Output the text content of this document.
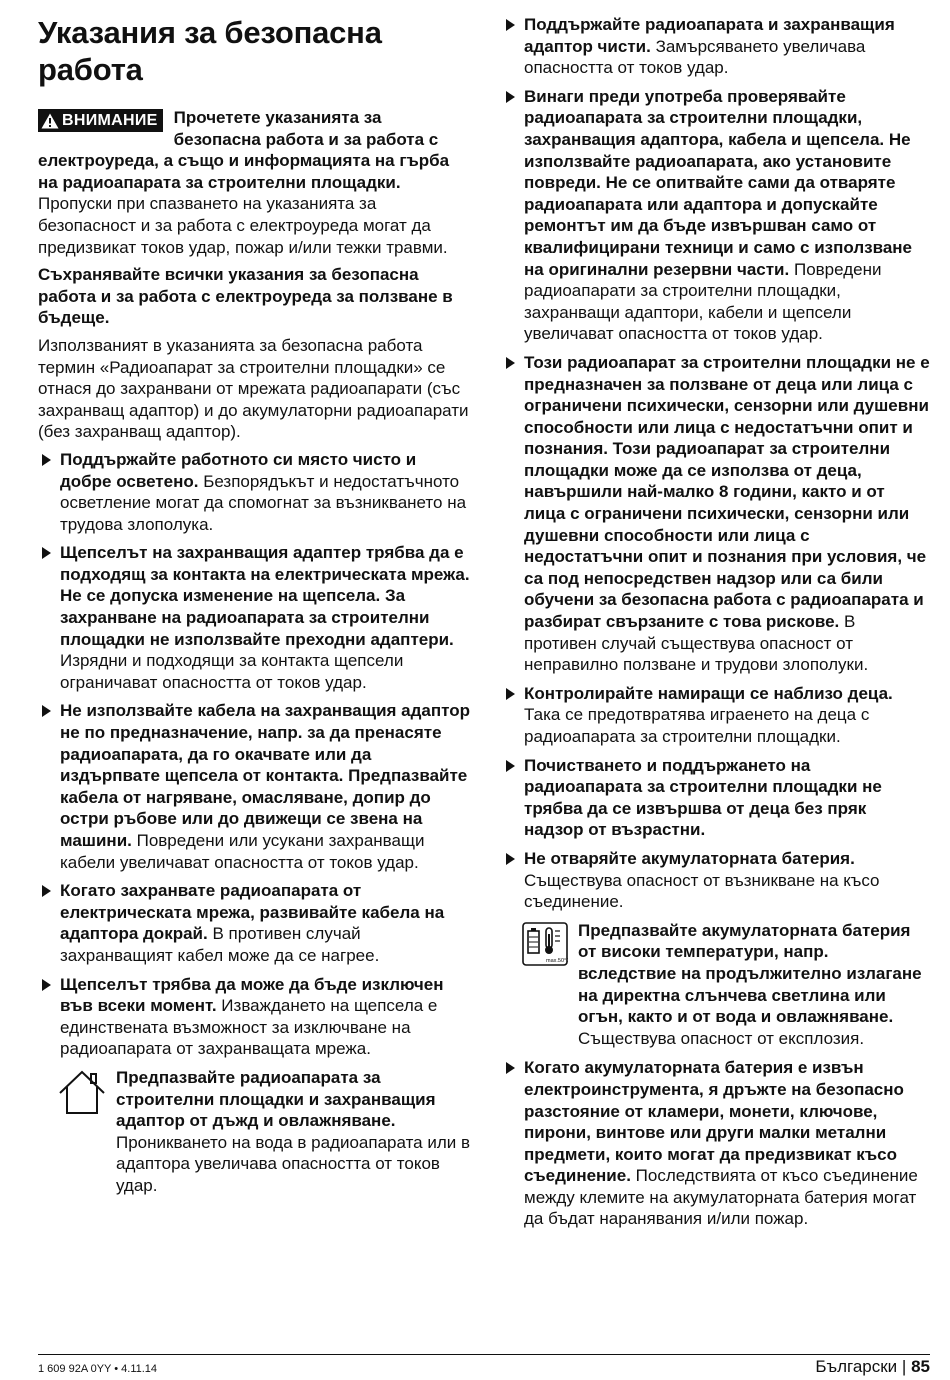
Указания за безопасна работа

ВНИМАНИЕ Прочетете указанията за безопасна работа и за работа с електроуреда, а също и информацията на гърба на радиоапарата за строителни площадки. Пропуски при спазването на указанията за безопасност и за работа с електроуреда могат да предизвикат токов удар, пожар и/или тежки травми.

Съхранявайте всички указания за безопасна работа и за работа с електроуреда за ползване в бъдеще.

Използваният в указанията за безопасна работа термин «Радиоапарат за строителни площадки» се отнася до захранвани от мрежата радиоапарати (със захранващ адаптор) и до акумулаторни радиоапарати (без захранващ адаптор).

Поддържайте работното си място чисто и добре осветено. Безпорядъкът и недостатъчното осветление могат да спомогнат за възникването на трудова злополука.
Щепселът на захранващия адаптер трябва да е подходящ за контакта на електрическата мрежа. Не се допуска изменение на щепсела. За захранване на радиоапарата за строителни площадки не използвайте преходни адаптери. Изрядни и подходящи за контакта щепсели ограничават опасността от токов удар.
Не използвайте кабела на захранващия адаптор не по предназначение, напр. за да пренасяте радиоапарата, да го окачвате или да издърпвате щепсела от контакта. Предпазвайте кабела от нагряване, омасляване, допир до остри ръбове или до движещи се звена на машини. Повредени или усукани захранващи кабели увеличават опасността от токов удар.
Когато захранвате радиоапарата от електрическата мрежа, развивайте кабела на адаптора докрай. В противен случай захранващият кабел може да се нагрее.
Щепселът трябва да може да бъде изключен във всеки момент. Изваждането на щепсела е единствената възможност за изключване на радиоапарата от захранващата мрежа.
Предпазвайте радиоапарата за строителни площадки и захранващия адаптор от дъжд и овлажняване. Проникването на вода в радиоапарата или в адаптора увеличава опасността от токов удар.
Поддържайте радиоапарата и захранващия адаптор чисти. Замърсяването увеличава опасността от токов удар.
Винаги преди употреба проверявайте радиоапарата за строителни площадки, захранващия адаптора, кабела и щепсела. Не използвайте радиоапарата, ако установите повреди. Не се опитвайте сами да отваряте радиоапарата или адаптора и допускайте ремонтът им да бъде извършван само от квалифицирани техници и само с използване на оригинални резервни части. Повредени радиоапарати за строителни площадки, захранващи адаптори, кабели и щепсели увеличават опасността от токов удар.
Този радиоапарат за строителни площадки не е предназначен за ползване от деца или лица с ограничени психически, сензорни или душевни способности или лица с недостатъчни опит и познания. Този радиоапарат за строителни площадки може да се използва от деца, навършили най-малко 8 години, както и от лица с ограничени психически, сензорни или душевни способности или лица с недостатъчни опит и познания при условия, че са под непосредствен надзор или са били обучени за безопасна работа с радиоапарата и разбират свързаните с това рискове. В противен случай съществува опасност от неправилно ползване и трудови злополуки.
Контролирайте намиращи се наблизо деца. Така се предотвратява играенето на деца с радиоапарата за строителни площадки.
Почистването и поддържането на радиоапарата за строителни площадки не трябва да се извършва от деца без пряк надзор от възрастни.
Не отваряйте акумулаторната батерия. Съществува опасност от възникване на късо съединение.
max.50°C
Предпазвайте акумулаторната батерия от високи температури, напр. вследствие на продължително излагане на директна слънчева светлина или огън, както и от вода и овлажняване. Съществува опасност от експлозия.
Когато акумулаторната батерия е извън електроинструмента, я дръжте на безопасно разстояние от кламери, монети, ключове, пирони, винтове или други малки метални предмети, които могат да предизвикат късо съединение. Последствията от късо съединение между клемите на акумулаторната батерия могат да бъдат наранявания и/или пожар.
1 609 92A 0YY • 4.11.14	Български | 85
